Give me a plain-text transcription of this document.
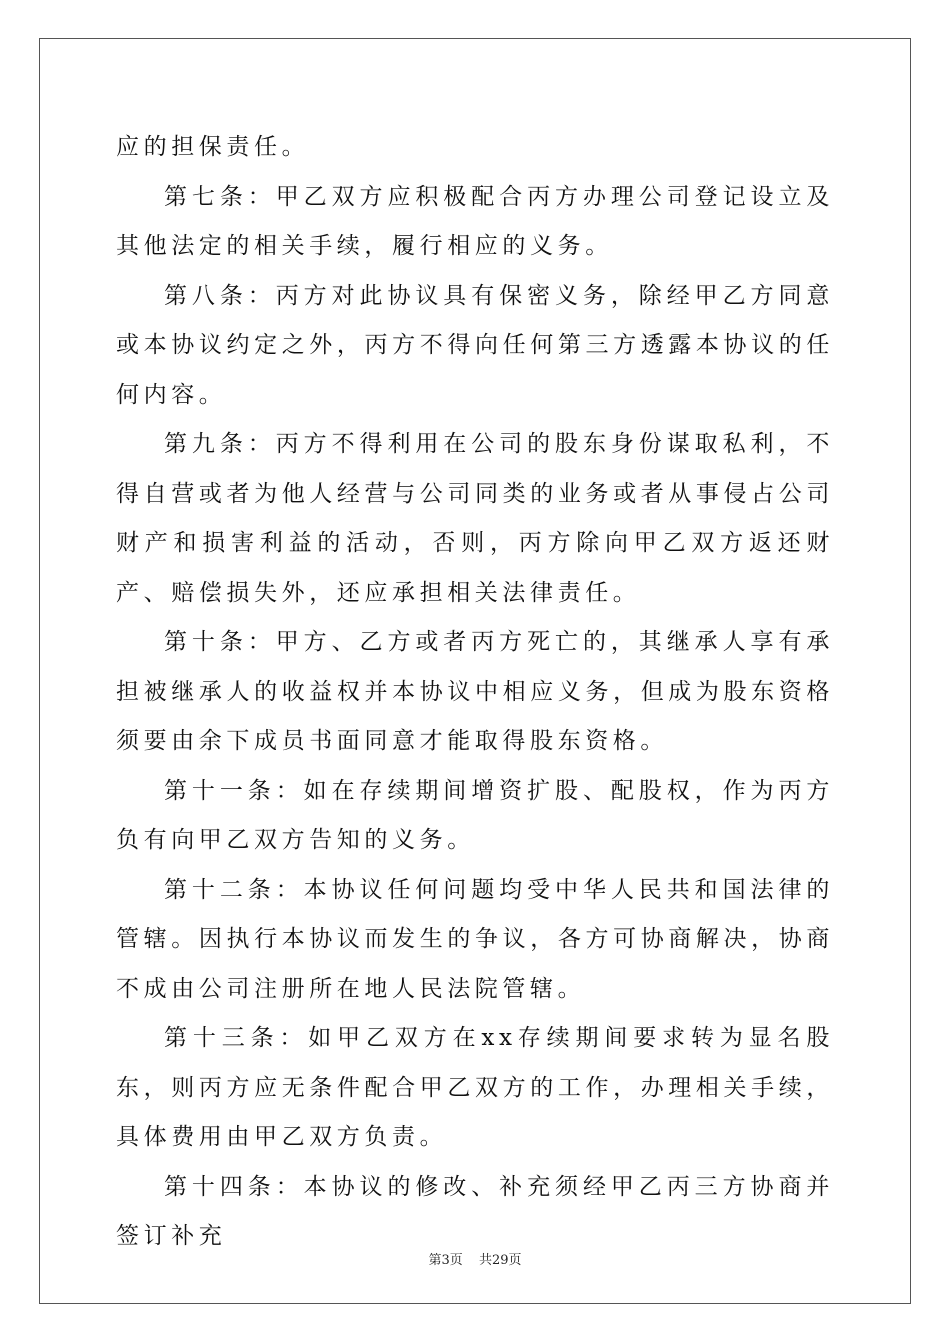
应的担保责任。

第七条：甲乙双方应积极配合丙方办理公司登记设立及其他法定的相关手续，履行相应的义务。

第八条：丙方对此协议具有保密义务，除经甲乙方同意或本协议约定之外，丙方不得向任何第三方透露本协议的任何内容。

第九条：丙方不得利用在公司的股东身份谋取私利，不得自营或者为他人经营与公司同类的业务或者从事侵占公司财产和损害利益的活动，否则，丙方除向甲乙双方返还财产、赔偿损失外，还应承担相关法律责任。

第十条：甲方、乙方或者丙方死亡的，其继承人享有承担被继承人的收益权并本协议中相应义务，但成为股东资格须要由余下成员书面同意才能取得股东资格。

第十一条：如在存续期间增资扩股、配股权，作为丙方负有向甲乙双方告知的义务。

第十二条：本协议任何问题均受中华人民共和国法律的管辖。因执行本协议而发生的争议，各方可协商解决，协商不成由公司注册所在地人民法院管辖。

第十三条：如甲乙双方在xx存续期间要求转为显名股东，则丙方应无条件配合甲乙双方的工作，办理相关手续，具体费用由甲乙双方负责。

第十四条：本协议的修改、补充须经甲乙丙三方协商并签订补充

第3页 共29页
